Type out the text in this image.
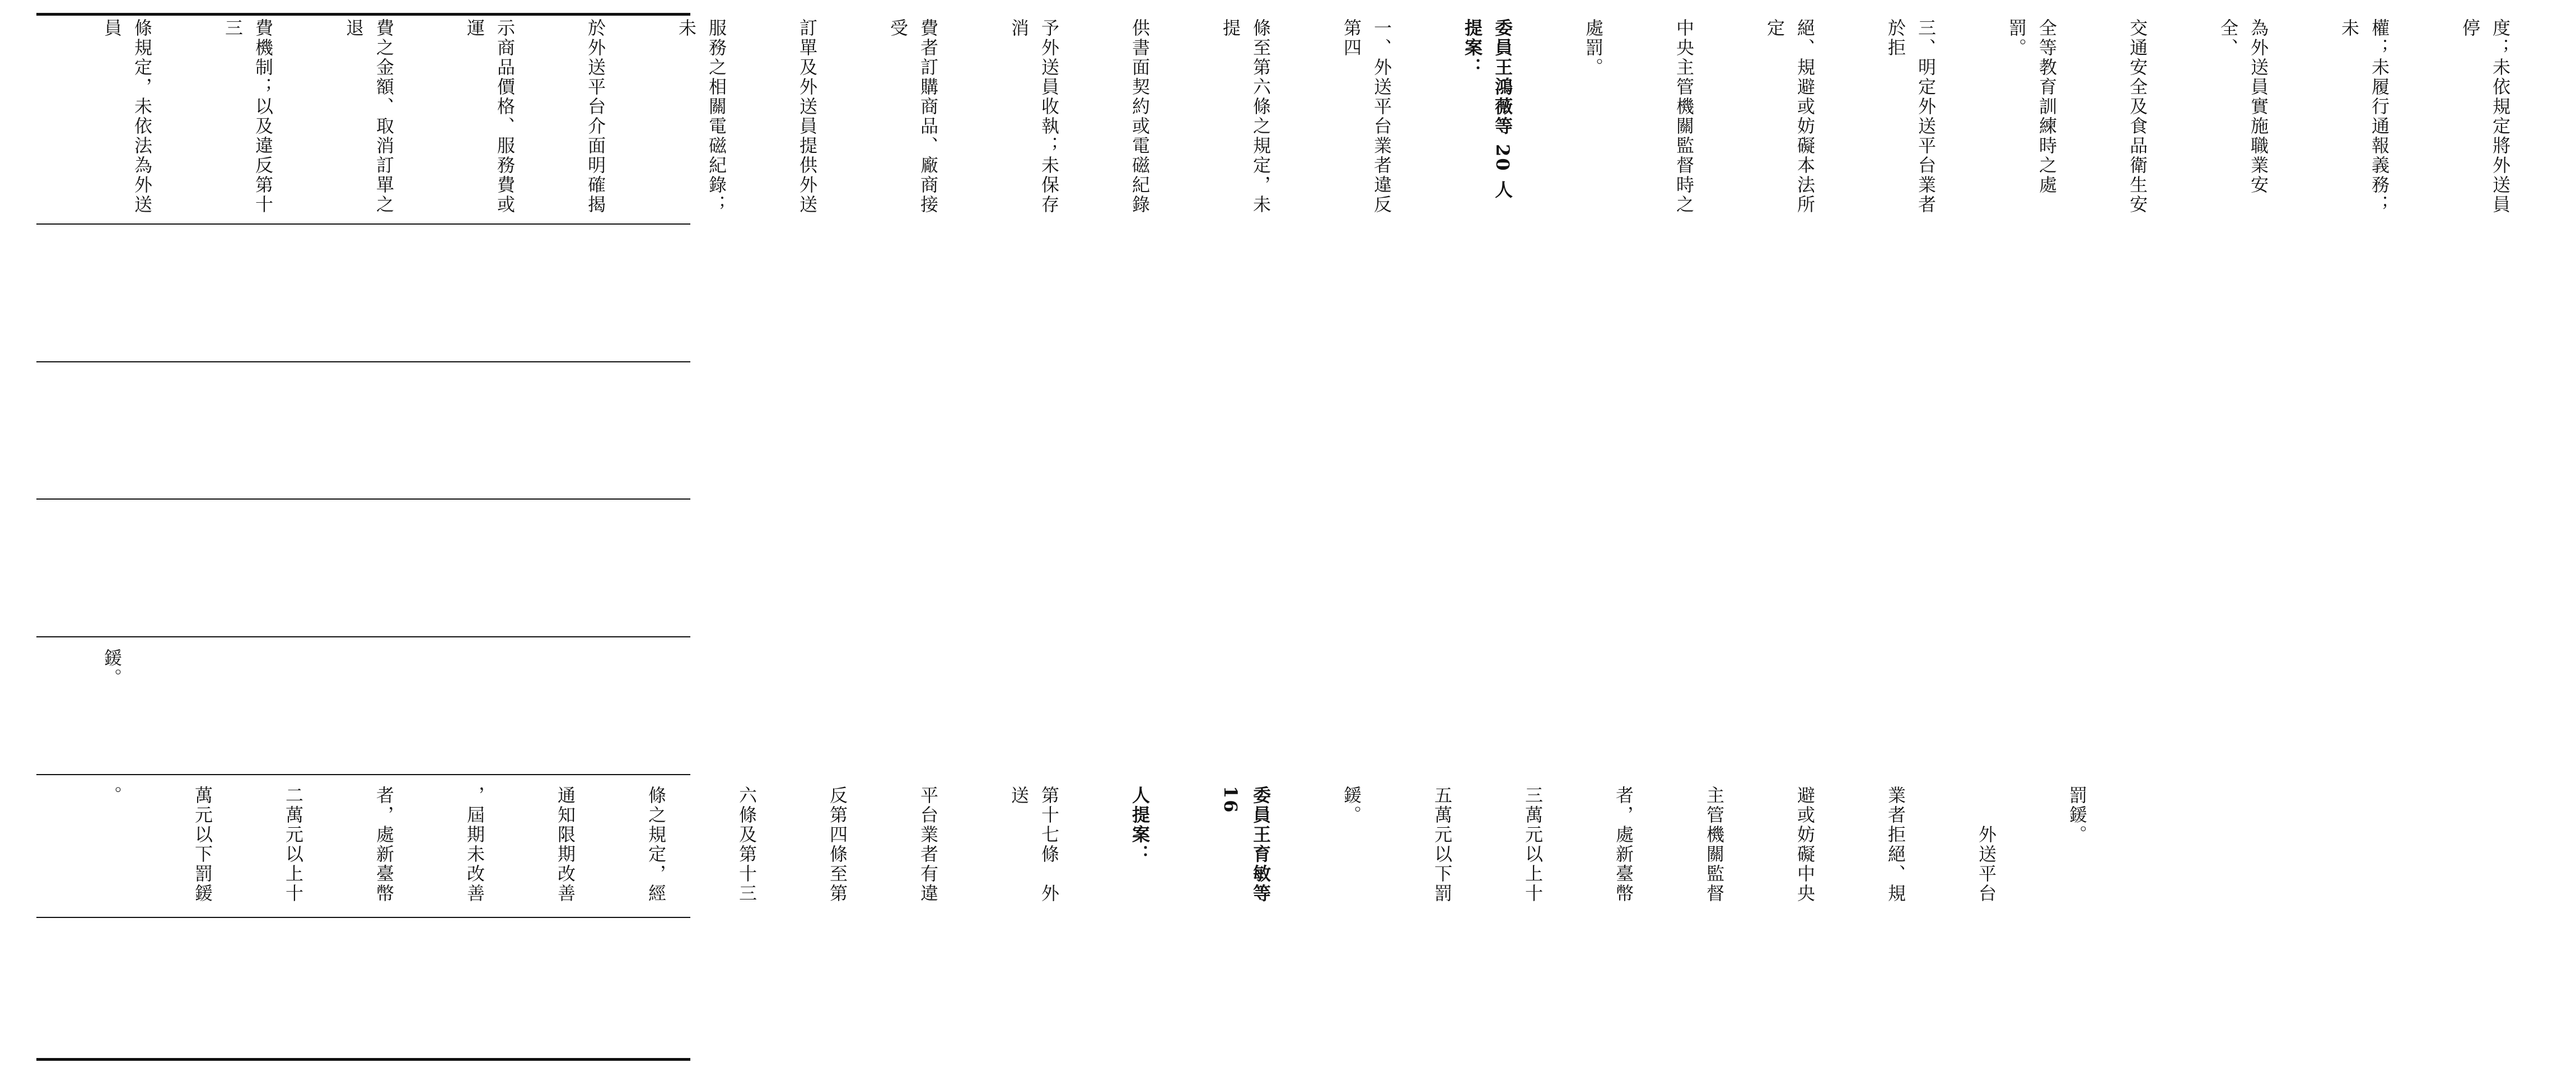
度；未依規定將外送員停

權；未履行通報義務；未

為外送員實施職業安全、

交通安全及食品衛生安

全等教育訓練時之處罰。

三、明定外送平台業者於拒

絕、規避或妨礙本法所定

中央主管機關監督時之

處罰。

委員王鴻薇等 20 人提案：

一、外送平台業者違反第四

條至第六條之規定，未提

供書面契約或電磁紀錄

予外送員收執；未保存消

費者訂購商品、廠商接受

訂單及外送員提供外送

服務之相關電磁紀錄；未

於外送平台介面明確揭

示商品價格、服務費或運

費之金額、取消訂單之退

費機制；以及違反第十三

條規定，未依法為外送員

鍰。

罰鍰。

　　外送平台

業者拒絕、規

避或妨礙中央

主管機關監督

者，處新臺幣

三萬元以上十

五萬元以下罰

鍰。

委員王育敏等 16

人提案：

第十七條　外送

平台業者有違

反第四條至第

六條及第十三

條之規定，經

通知限期改善

，屆期未改善

者，處新臺幣

二萬元以上十

萬元以下罰鍰

。
